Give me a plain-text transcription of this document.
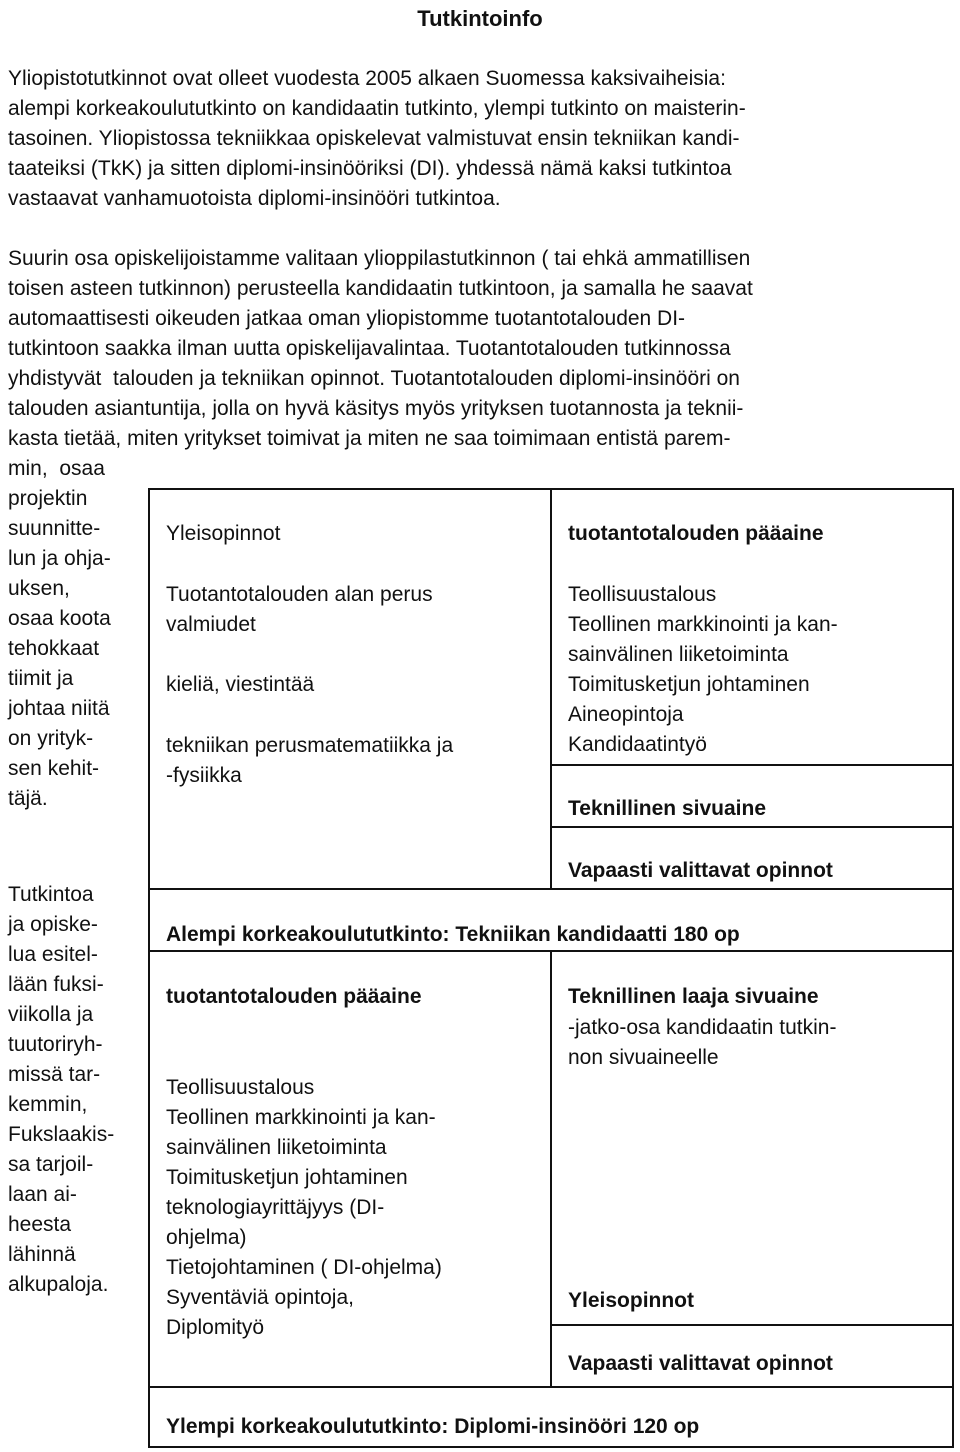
Tutkintoinfo
Yliopistotutkinnot ovat olleet vuodesta 2005 alkaen Suomessa kaksivaiheisia:
alempi korkeakoulututkinto on kandidaatin tutkinto, ylempi tutkinto on maisterin-
tasoinen. Yliopistossa tekniikkaa opiskelevat valmistuvat ensin tekniikan kandi-
taateiksi (TkK) ja sitten diplomi-insinööriksi (DI). yhdessä nämä kaksi tutkintoa
vastaavat vanhamuotoista diplomi-insinööri tutkintoa.
Suurin osa opiskelijoistamme valitaan ylioppilastutkinnon ( tai ehkä ammatillisen
toisen asteen tutkinnon) perusteella kandidaatin tutkintoon, ja samalla he saavat
automaattisesti oikeuden jatkaa oman yliopistomme tuotantotalouden DI-
tutkintoon saakka ilman uutta opiskelijavalintaa. Tuotantotalouden tutkinnossa
yhdistyvät  talouden ja tekniikan opinnot. Tuotantotalouden diplomi-insinööri on
talouden asiantuntija, jolla on hyvä käsitys myös yrityksen tuotannosta ja teknii-
kasta tietää, miten yritykset toimivat ja miten ne saa toimimaan entistä parem-
min,  osaa
projektin
suunnitte-
lun ja ohja-
uksen,
osaa koota
tehokkaat
tiimit ja
johtaa niitä
on yrityk-
sen kehit-
täjä.
Tutkintoa
ja opiske-
lua esitel-
lään fuksi-
viikolla ja
tuutoriryh-
missä tar-
kemmin,
Fukslaakis-
sa tarjoil-
laan ai-
heesta
lähinnä
alkupaloja.
Yleisopinnot
Tuotantotalouden alan perus
valmiudet
kieliä, viestintää
tekniikan perusmatematiikka ja
-fysiikka
tuotantotalouden pääaine
Teollisuustalous
Teollinen markkinointi ja kan-
sainvälinen liiketoiminta
Toimitusketjun johtaminen
Aineopintoja
Kandidaatintyö
Teknillinen sivuaine
Vapaasti valittavat opinnot
Alempi korkeakoulututkinto: Tekniikan kandidaatti 180 op
tuotantotalouden pääaine
Teollisuustalous
Teollinen markkinointi ja kan-
sainvälinen liiketoiminta
Toimitusketjun johtaminen
teknologiayrittäjyys (DI-
ohjelma)
Tietojohtaminen ( DI-ohjelma)
Syventäviä opintoja,
Diplomityö
Teknillinen laaja sivuaine
-jatko-osa kandidaatin tutkin-
non sivuaineelle
Yleisopinnot
Vapaasti valittavat opinnot
Ylempi korkeakoulututkinto: Diplomi-insinööri 120 op
